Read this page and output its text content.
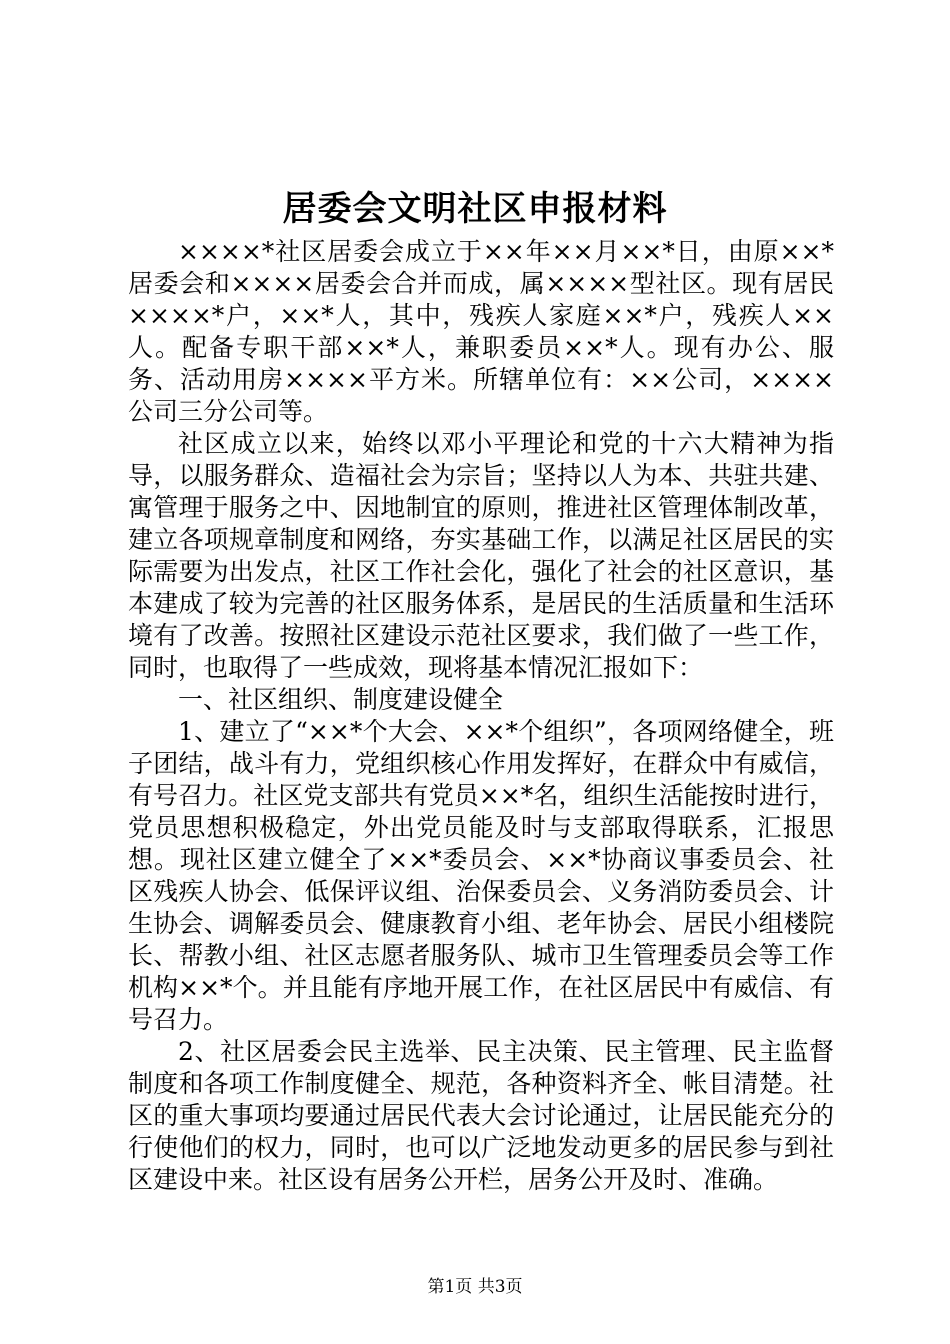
居委会文明社区申报材料

××××*社区居委会成立于××年××月××*日，由原××*居委会和××××居委会合并而成，属××××型社区。现有居民××××*户，××*人，其中，残疾人家庭××*户，残疾人××人。配备专职干部××*人，兼职委员××*人。现有办公、服务、活动用房××××平方米。所辖单位有：××公司，××××公司三分公司等。

社区成立以来，始终以邓小平理论和党的十六大精神为指导，以服务群众、造福社会为宗旨；坚持以人为本、共驻共建、寓管理于服务之中、因地制宜的原则，推进社区管理体制改革，建立各项规章制度和网络，夯实基础工作，以满足社区居民的实际需要为出发点，社区工作社会化，强化了社会的社区意识，基本建成了较为完善的社区服务体系，是居民的生活质量和生活环境有了改善。按照社区建设示范社区要求，我们做了一些工作，同时，也取得了一些成效，现将基本情况汇报如下：

一、社区组织、制度建设健全

1、建立了“××*个大会、××*个组织”，各项网络健全，班子团结，战斗有力，党组织核心作用发挥好，在群众中有威信，有号召力。社区党支部共有党员××*名，组织生活能按时进行，党员思想积极稳定，外出党员能及时与支部取得联系，汇报思想。现社区建立健全了××*委员会、××*协商议事委员会、社区残疾人协会、低保评议组、治保委员会、义务消防委员会、计生协会、调解委员会、健康教育小组、老年协会、居民小组楼院长、帮教小组、社区志愿者服务队、城市卫生管理委员会等工作机构××*个。并且能有序地开展工作，在社区居民中有威信、有号召力。

2、社区居委会民主选举、民主决策、民主管理、民主监督制度和各项工作制度健全、规范，各种资料齐全、帐目清楚。社区的重大事项均要通过居民代表大会讨论通过，让居民能充分的行使他们的权力，同时，也可以广泛地发动更多的居民参与到社区建设中来。社区设有居务公开栏，居务公开及时、准确。

第1页 共3页
